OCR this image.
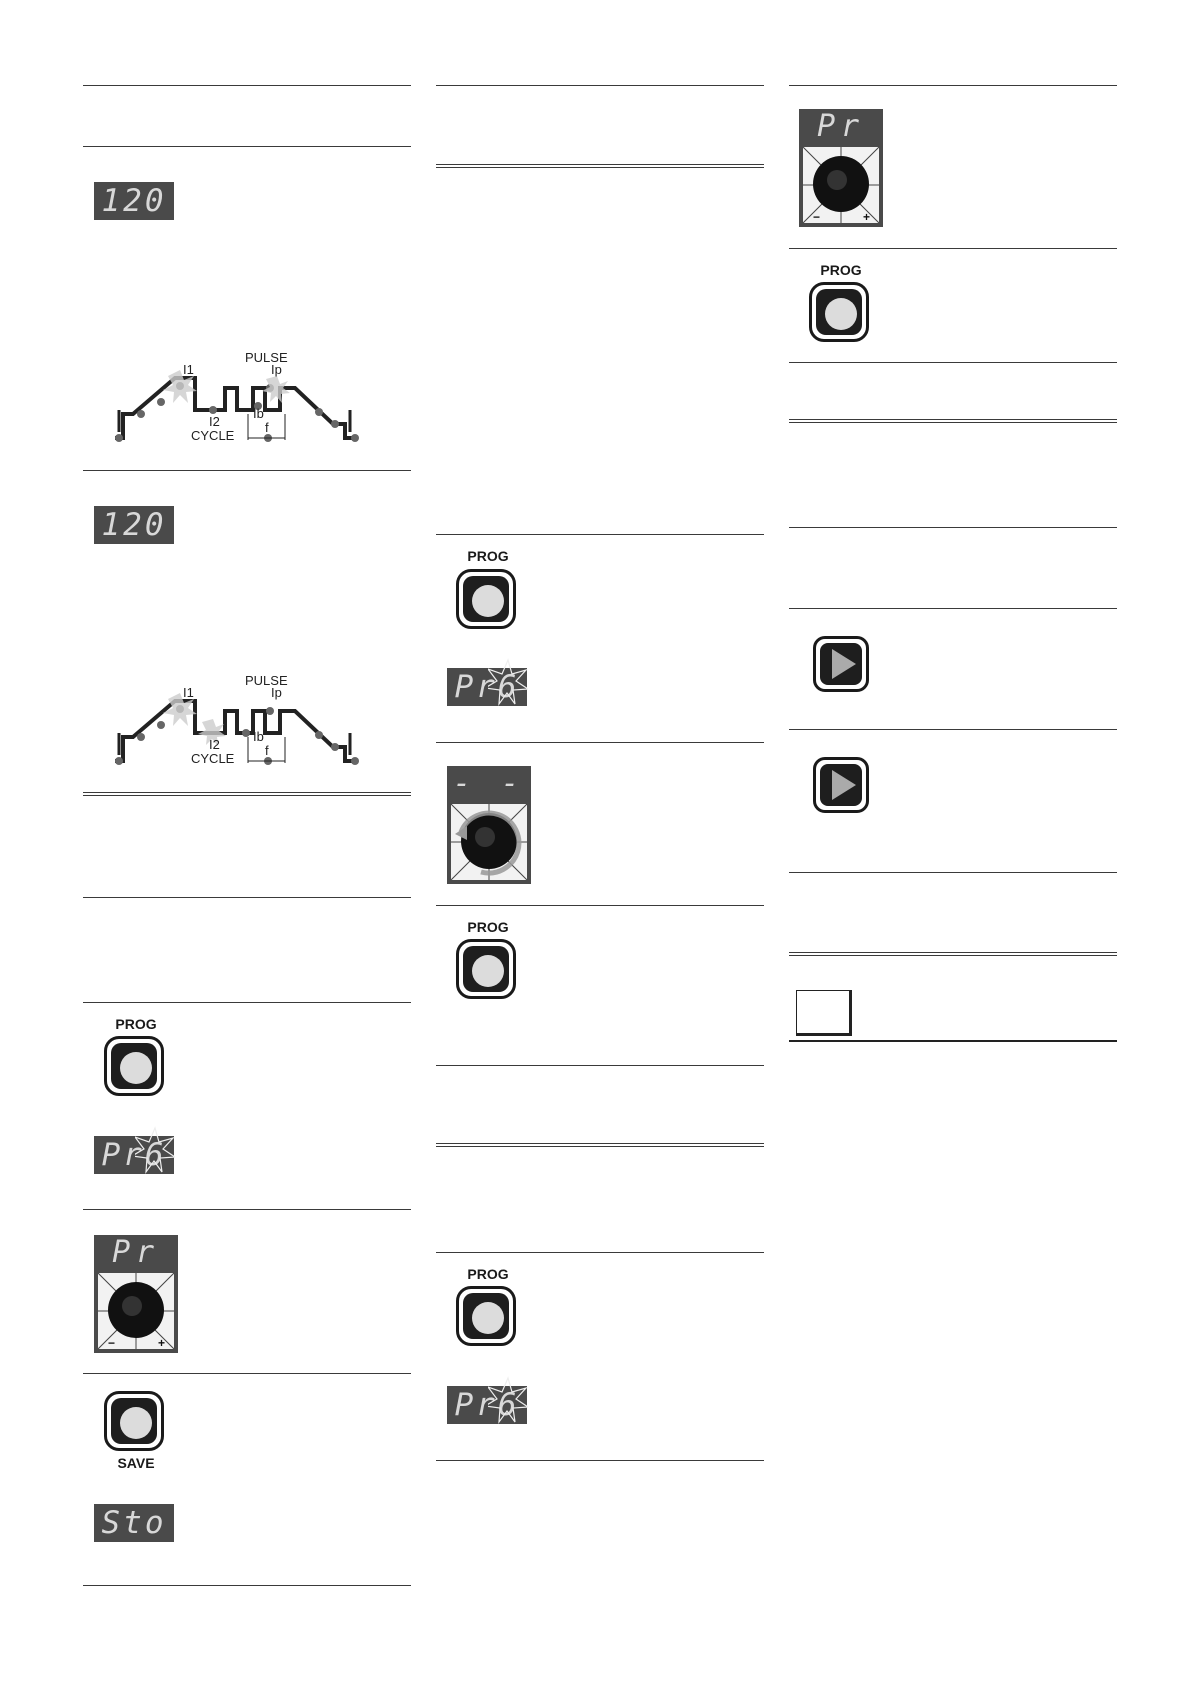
120
PULSE
Ip
I1
I2
Ib
f
CYCLE
120
PULSE
Ip
I1
I2
Ib
f
CYCLE
PROG
Pr
6
Pr
−	+
SAVE
Sto
PROG
Pr
6
- -
PROG
PROG
Pr
6
Pr
−	+
PROG
